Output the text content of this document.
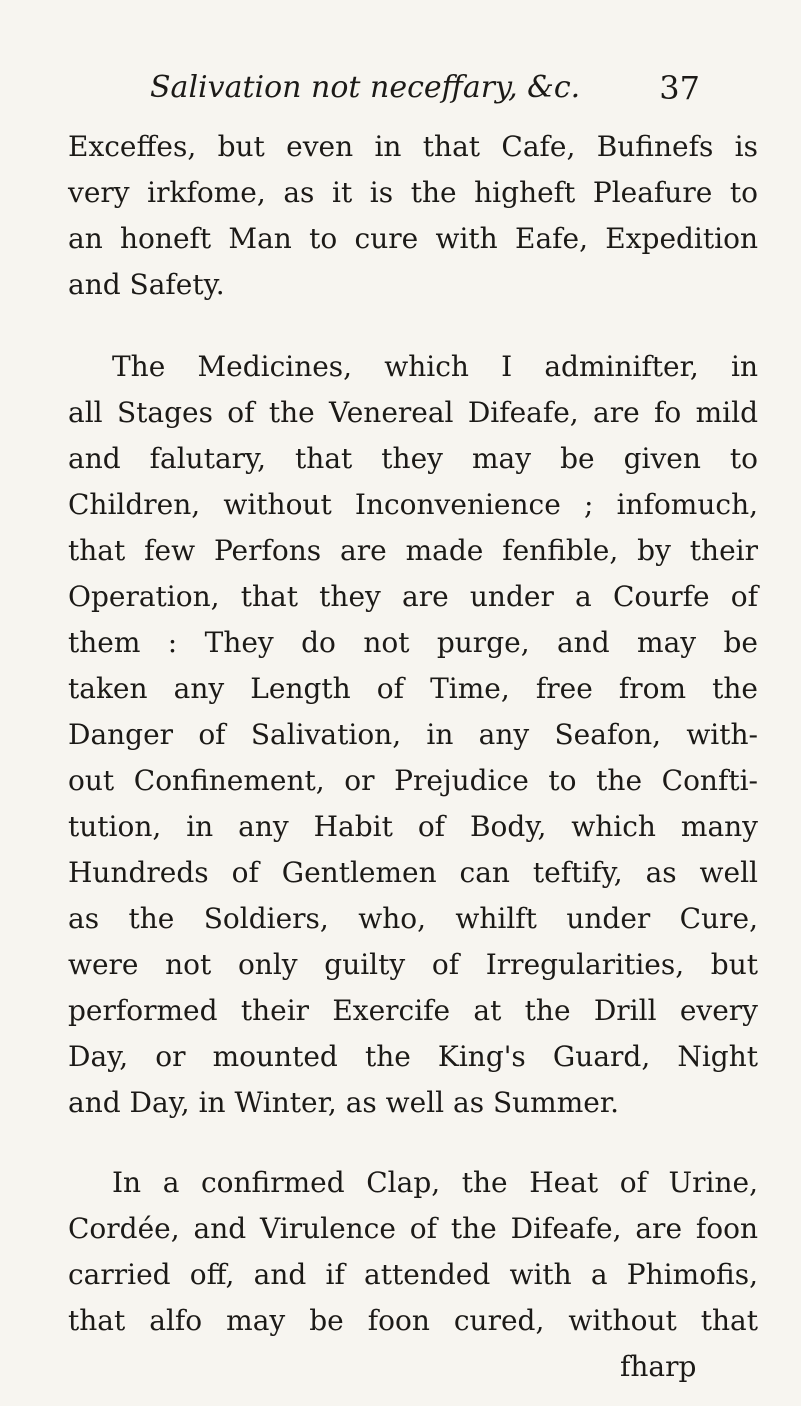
Salivation not neceffary, &c. 37
Exceffes, but even in that Cafe, Bufinefs is
very irkfome, as it is the higheft Pleafure to
an honeft Man to cure with Eafe, Expedition
and Safety.
The Medicines, which I adminifter, in
all Stages of the Venereal Difeafe, are fo mild
and falutary, that they may be given to
Children, without Inconvenience ; infomuch,
that few Perfons are made fenfible, by their
Operation, that they are under a Courfe of
them : They do not purge, and may be
taken any Length of Time, free from the
Danger of Salivation, in any Seafon, with-
out Confinement, or Prejudice to the Confti-
tution, in any Habit of Body, which many
Hundreds of Gentlemen can teftify, as well
as the Soldiers, who, whilft under Cure,
were not only guilty of Irregularities, but
performed their Exercife at the Drill every
Day, or mounted the King's Guard, Night
and Day, in Winter, as well as Summer.
In a confirmed Clap, the Heat of Urine,
Cordée, and Virulence of the Difeafe, are foon
carried off, and if attended with a Phimofis,
that alfo may be foon cured, without that
fharp
